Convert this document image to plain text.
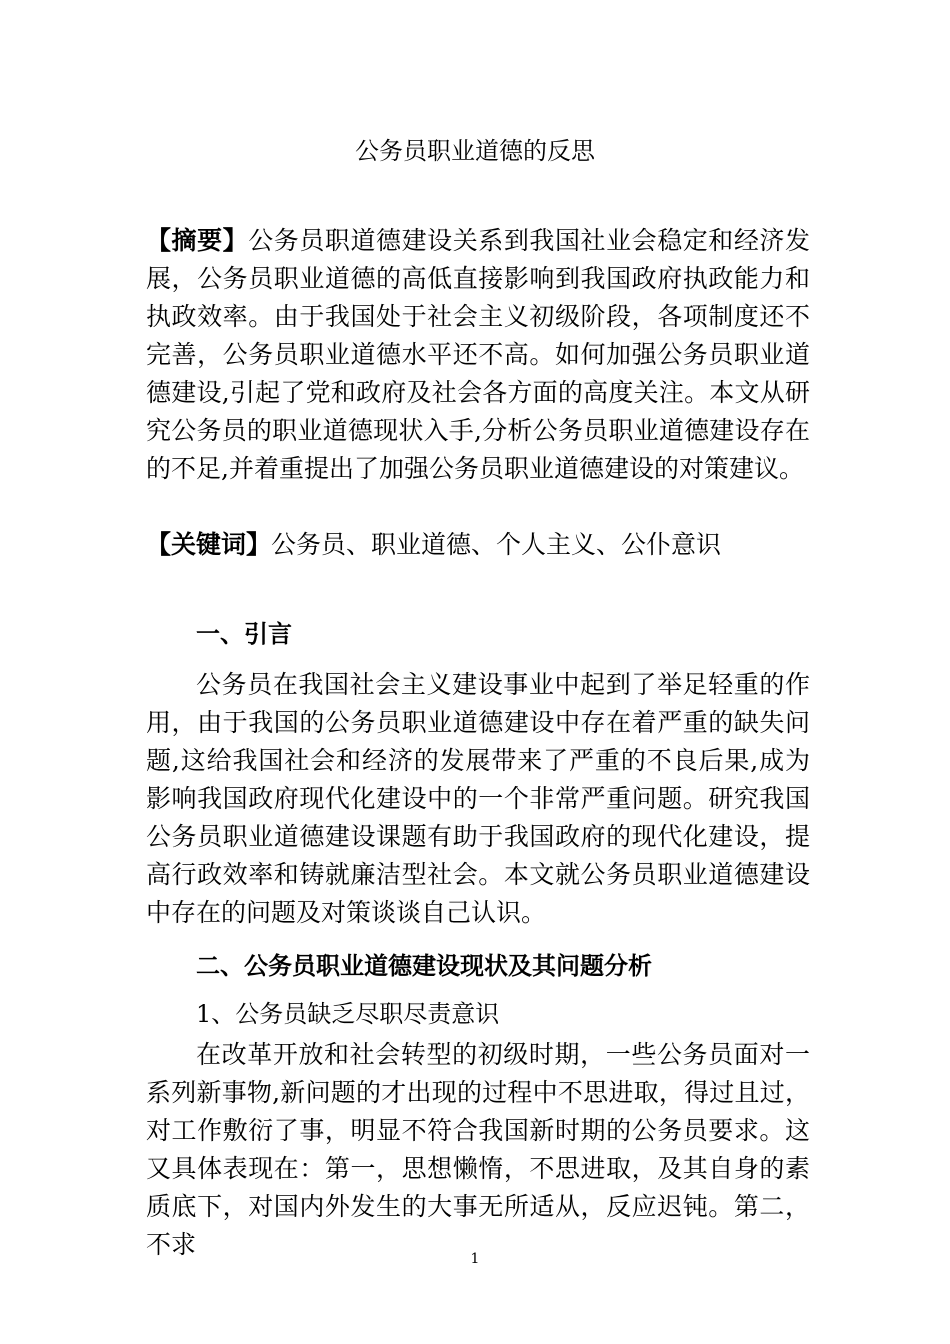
公务员职业道德的反思
【摘要】公务员职道德建设关系到我国社业会稳定和经济发展，公务员职业道德的高低直接影响到我国政府执政能力和执政效率。由于我国处于社会主义初级阶段，各项制度还不完善，公务员职业道德水平还不高。如何加强公务员职业道德建设,引起了党和政府及社会各方面的高度关注。本文从研究公务员的职业道德现状入手,分析公务员职业道德建设存在的不足,并着重提出了加强公务员职业道德建设的对策建议。
【关键词】公务员、职业道德、个人主义、公仆意识
一、引言
公务员在我国社会主义建设事业中起到了举足轻重的作用，由于我国的公务员职业道德建设中存在着严重的缺失问题,这给我国社会和经济的发展带来了严重的不良后果,成为影响我国政府现代化建设中的一个非常严重问题。研究我国公务员职业道德建设课题有助于我国政府的现代化建设，提高行政效率和铸就廉洁型社会。本文就公务员职业道德建设中存在的问题及对策谈谈自己认识。
二、公务员职业道德建设现状及其问题分析
1、公务员缺乏尽职尽责意识
在改革开放和社会转型的初级时期，一些公务员面对一系列新事物,新问题的才出现的过程中不思进取，得过且过，对工作敷衍了事，明显不符合我国新时期的公务员要求。这又具体表现在：第一，思想懒惰，不思进取，及其自身的素质底下，对国内外发生的大事无所适从，反应迟钝。第二，不求	1
